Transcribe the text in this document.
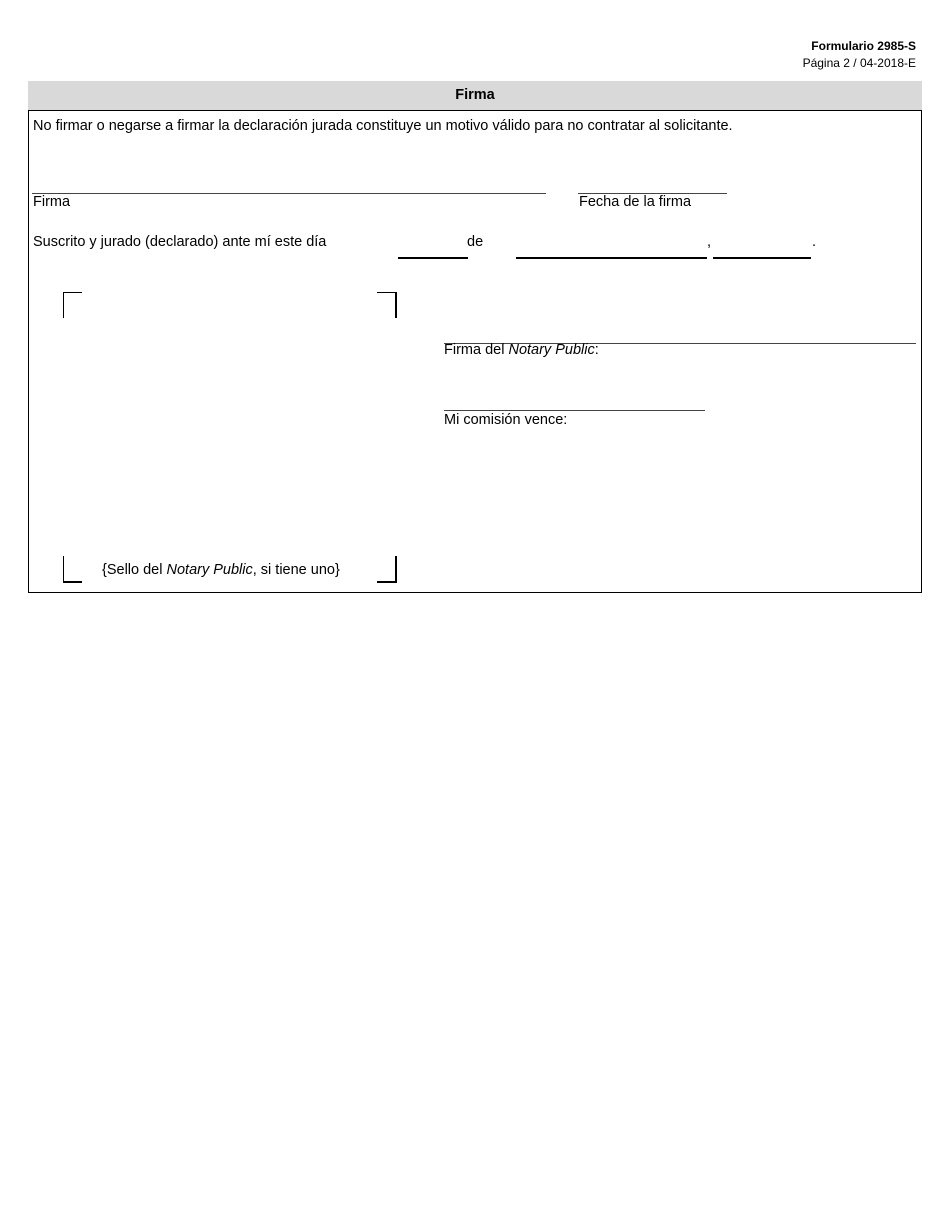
Formulario 2985-S
Página 2 / 04-2018-E
Firma
No firmar o negarse a firmar la declaración jurada constituye un motivo válido para no contratar al solicitante.
Firma	Fecha de la firma
Suscrito y jurado (declarado) ante mí este día	de	,	.
{Sello del Notary Public, si tiene uno}
Firma del Notary Public:
Mi comisión vence:
